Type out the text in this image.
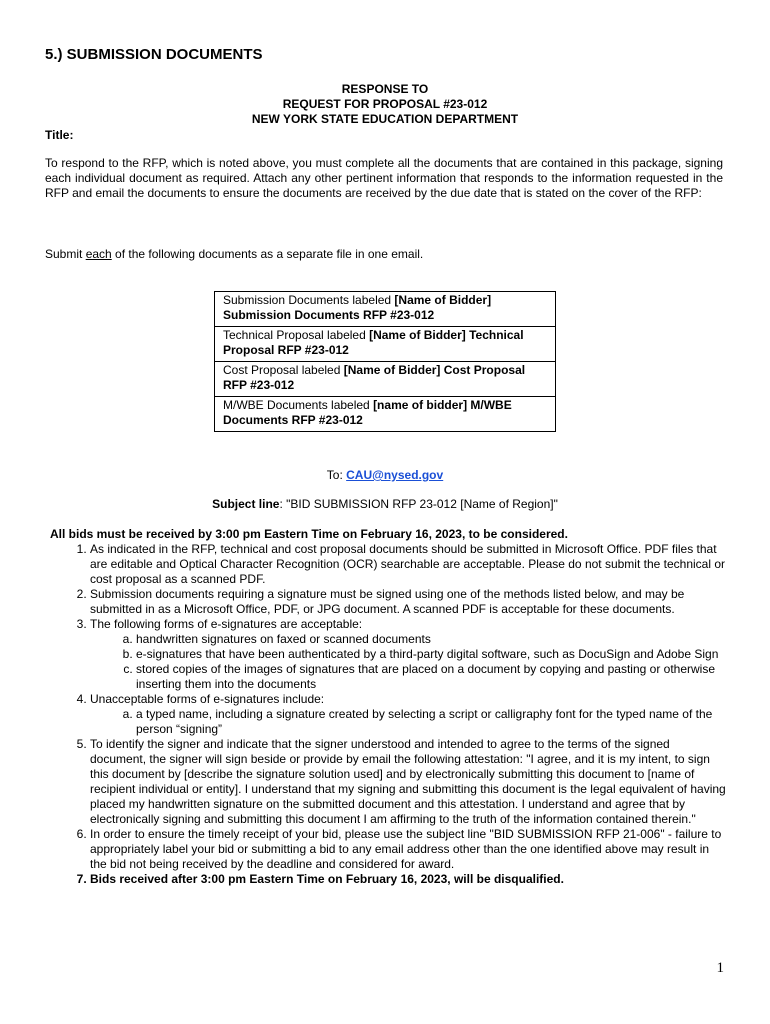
5.) SUBMISSION DOCUMENTS
RESPONSE TO
REQUEST FOR PROPOSAL #23-012
NEW YORK STATE EDUCATION DEPARTMENT
Title:

To respond to the RFP, which is noted above, you must complete all the documents that are contained in this package, signing each individual document as required. Attach any other pertinent information that responds to the information requested in the RFP and email the documents to ensure the documents are received by the due date that is stated on the cover of the RFP:

Submit each of the following documents as a separate file in one email.

Submission Documents labeled [Name of Bidder] Submission Documents RFP #23-012
Technical Proposal labeled [Name of Bidder] Technical Proposal RFP #23-012
Cost Proposal labeled [Name of Bidder] Cost Proposal RFP #23-012
M/WBE Documents labeled [name of bidder] M/WBE Documents RFP #23-012
To: CAU@nysed.gov
Subject line: "BID SUBMISSION RFP 23-012 [Name of Region]"

All bids must be received by 3:00 pm Eastern Time on February 16, 2023, to be considered.

1. As indicated in the RFP, technical and cost proposal documents should be submitted in Microsoft Office. PDF files that are editable and Optical Character Recognition (OCR) searchable are acceptable. Please do not submit the technical or cost proposal as a scanned PDF.
2. Submission documents requiring a signature must be signed using one of the methods listed below, and may be submitted in as a Microsoft Office, PDF, or JPG document. A scanned PDF is acceptable for these documents.
3. The following forms of e-signatures are acceptable:
a. handwritten signatures on faxed or scanned documents
b. e-signatures that have been authenticated by a third-party digital software, such as DocuSign and Adobe Sign
c. stored copies of the images of signatures that are placed on a document by copying and pasting or otherwise inserting them into the documents
4. Unacceptable forms of e-signatures include:
a. a typed name, including a signature created by selecting a script or calligraphy font for the typed name of the person “signing”
5. To identify the signer and indicate that the signer understood and intended to agree to the terms of the signed document, the signer will sign beside or provide by email the following attestation: "I agree, and it is my intent, to sign this document by [describe the signature solution used] and by electronically submitting this document to [name of recipient individual or entity]. I understand that my signing and submitting this document is the legal equivalent of having placed my handwritten signature on the submitted document and this attestation. I understand and agree that by electronically signing and submitting this document I am affirming to the truth of the information contained therein."
6. In order to ensure the timely receipt of your bid, please use the subject line "BID SUBMISSION RFP 21-006" - failure to appropriately label your bid or submitting a bid to any email address other than the one identified above may result in the bid not being received by the deadline and considered for award.
7. Bids received after 3:00 pm Eastern Time on February 16, 2023, will be disqualified.
1
